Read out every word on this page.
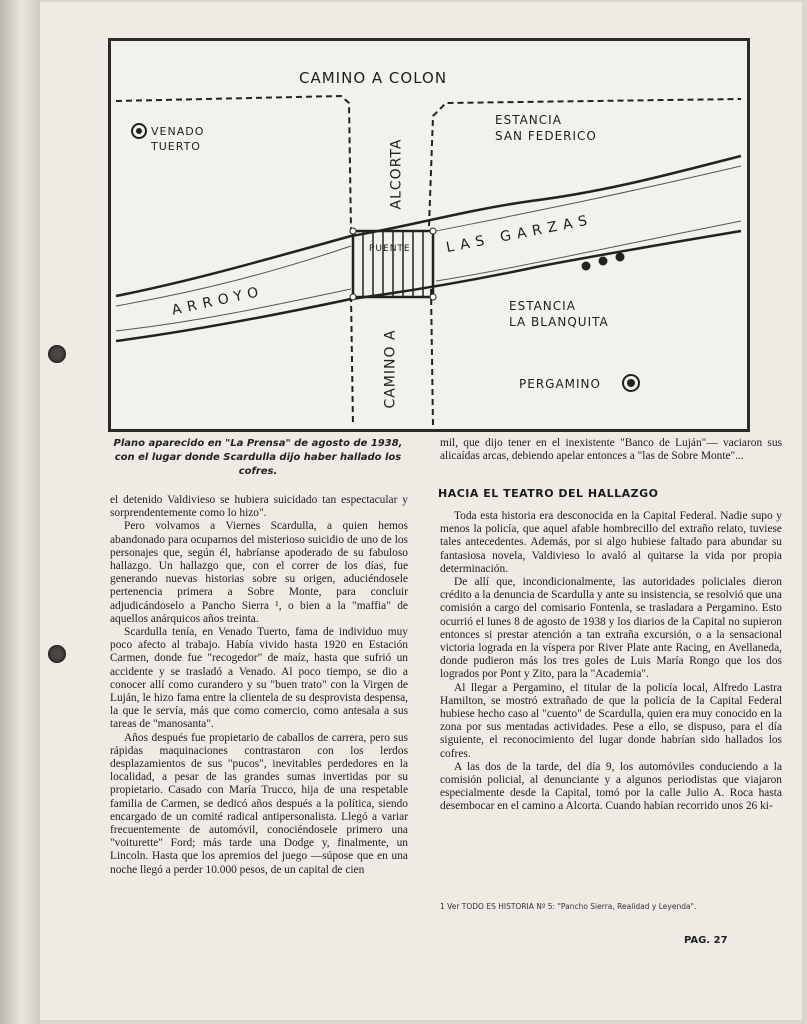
CAMINO A COLON
VENADO
TUERTO
ESTANCIA
SAN FEDERICO
ALCORTA
CAMINO A
PUENTE LAS GARZAS
ARROYO	ESTANCIA
LA BLANQUITA
PERGAMINO
Plano aparecido en "La Prensa" de agosto de 1938, con el lugar donde Scardulla dijo haber hallado los cofres.

el detenido Valdivieso se hubiera suicidado tan espectacular y sorprendentemente como lo hizo".

Pero volvamos a Viernes Scardulla, a quien hemos abandonado para ocuparnos del misterioso suicidio de uno de los personajes que, según él, habríanse apoderado de su fabuloso hallazgo. Un hallazgo que, con el correr de los días, fue generando nuevas historias sobre su origen, aduciéndosele pertenencia primera a Sobre Monte, para concluir adjudicándoselo a Pancho Sierra ¹, o bien a la "maffia" de aquellos anárquicos años treinta.

Scardulla tenía, en Venado Tuerto, fama de individuo muy poco afecto al trabajo. Había vivido hasta 1920 en Estación Carmen, donde fue "recogedor" de maíz, hasta que sufrió un accidente y se trasladó a Venado. Al poco tiempo, se dio a conocer allí como curandero y su "buen trato" con la Virgen de Luján, le hizo fama entre la clientela de su desprovista despensa, la que le servía, más que como comercio, como antesala a sus tareas de "manosanta".

Años después fue propietario de caballos de carrera, pero sus rápidas maquinaciones contrastaron con los lerdos desplazamientos de sus "pucos", inevitables perdedores en la localidad, a pesar de las grandes sumas invertidas por su propietario. Casado con María Trucco, hija de una respetable familia de Carmen, se dedicó años después a la política, siendo encargado de un comité radical antipersonalista. Llegó a variar frecuentemente de automóvil, conociéndosele primero una "voiturette" Ford; más tarde una Dodge y, finalmente, un Lincoln. Hasta que los apremios del juego —súpose que en una noche llegó a perder 10.000 pesos, de un capital de cien

mil, que dijo tener en el inexistente "Banco de Luján"— vaciaron sus alicaídas arcas, debiendo apelar entonces a "las de Sobre Monte"...

HACIA EL TEATRO DEL HALLAZGO

Toda esta historia era desconocida en la Capital Federal. Nadie supo y menos la policía, que aquel afable hombrecillo del extraño relato, tuviese tales antecedentes. Además, por si algo hubiese faltado para abundar su fantasiosa novela, Valdivieso lo avaló al quitarse la vida por propia determinación.

De allí que, incondicionalmente, las autoridades policiales dieron crédito a la denuncia de Scardulla y ante su insistencia, se resolvió que una comisión a cargo del comisario Fontenla, se trasladara a Pergamino. Esto ocurrió el lunes 8 de agosto de 1938 y los diarios de la Capital no supieron entonces si prestar atención a tan extraña excursión, o a la sensacional victoria lograda en la víspera por River Plate ante Racing, en Avellaneda, donde pudieron más los tres goles de Luis María Rongo que los dos logrados por Pont y Zito, para la "Academia".

Al llegar a Pergamino, el titular de la policía local, Alfredo Lastra Hamilton, se mostró extrañado de que la policía de la Capital Federal hubiese hecho caso al "cuento" de Scardulla, quien era muy conocido en la zona por sus mentadas actividades. Pese a ello, se dispuso, para el día siguiente, el reconocimiento del lugar donde habrían sido hallados los cofres.

A las dos de la tarde, del día 9, los automóviles conduciendo a la comisión policial, al denunciante y a algunos periodistas que viajaron especialmente desde la Capital, tomó por la calle Julio A. Roca hasta desembocar en el camino a Alcorta. Cuando habían recorrido unos 26 ki-

1 Ver TODO ES HISTORIA Nº 5: "Pancho Sierra, Realidad y Leyenda".
PAG. 27
